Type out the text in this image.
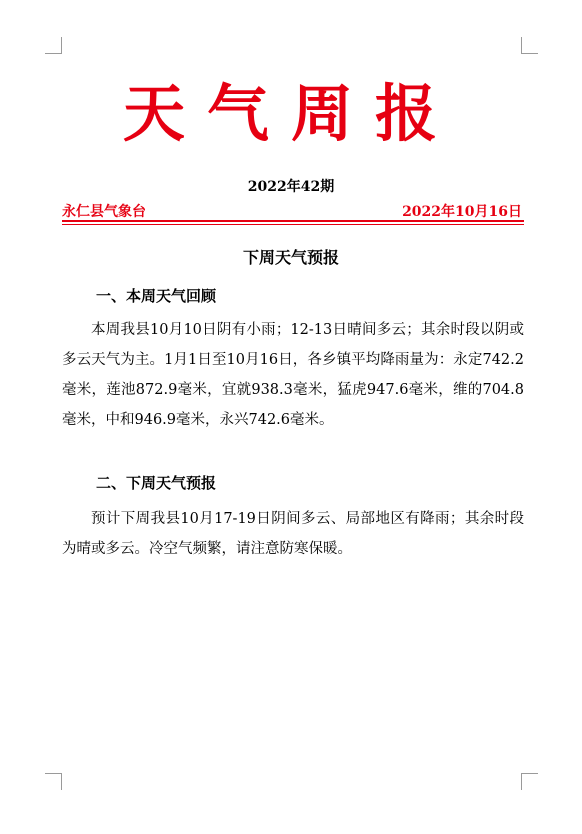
天气周报
2022年42期
永仁县气象台	2022年10月16日
下周天气预报
一、本周天气回顾

本周我县10月10日阴有小雨；12-13日晴间多云；其余时段以阴或多云天气为主。1月1日至10月16日，各乡镇平均降雨量为：永定742.2毫米，莲池872.9毫米，宜就938.3毫米，猛虎947.6毫米，维的704.8毫米，中和946.9毫米，永兴742.6毫米。

二、下周天气预报

预计下周我县10月17-19日阴间多云、局部地区有降雨；其余时段为晴或多云。冷空气频繁，请注意防寒保暖。
